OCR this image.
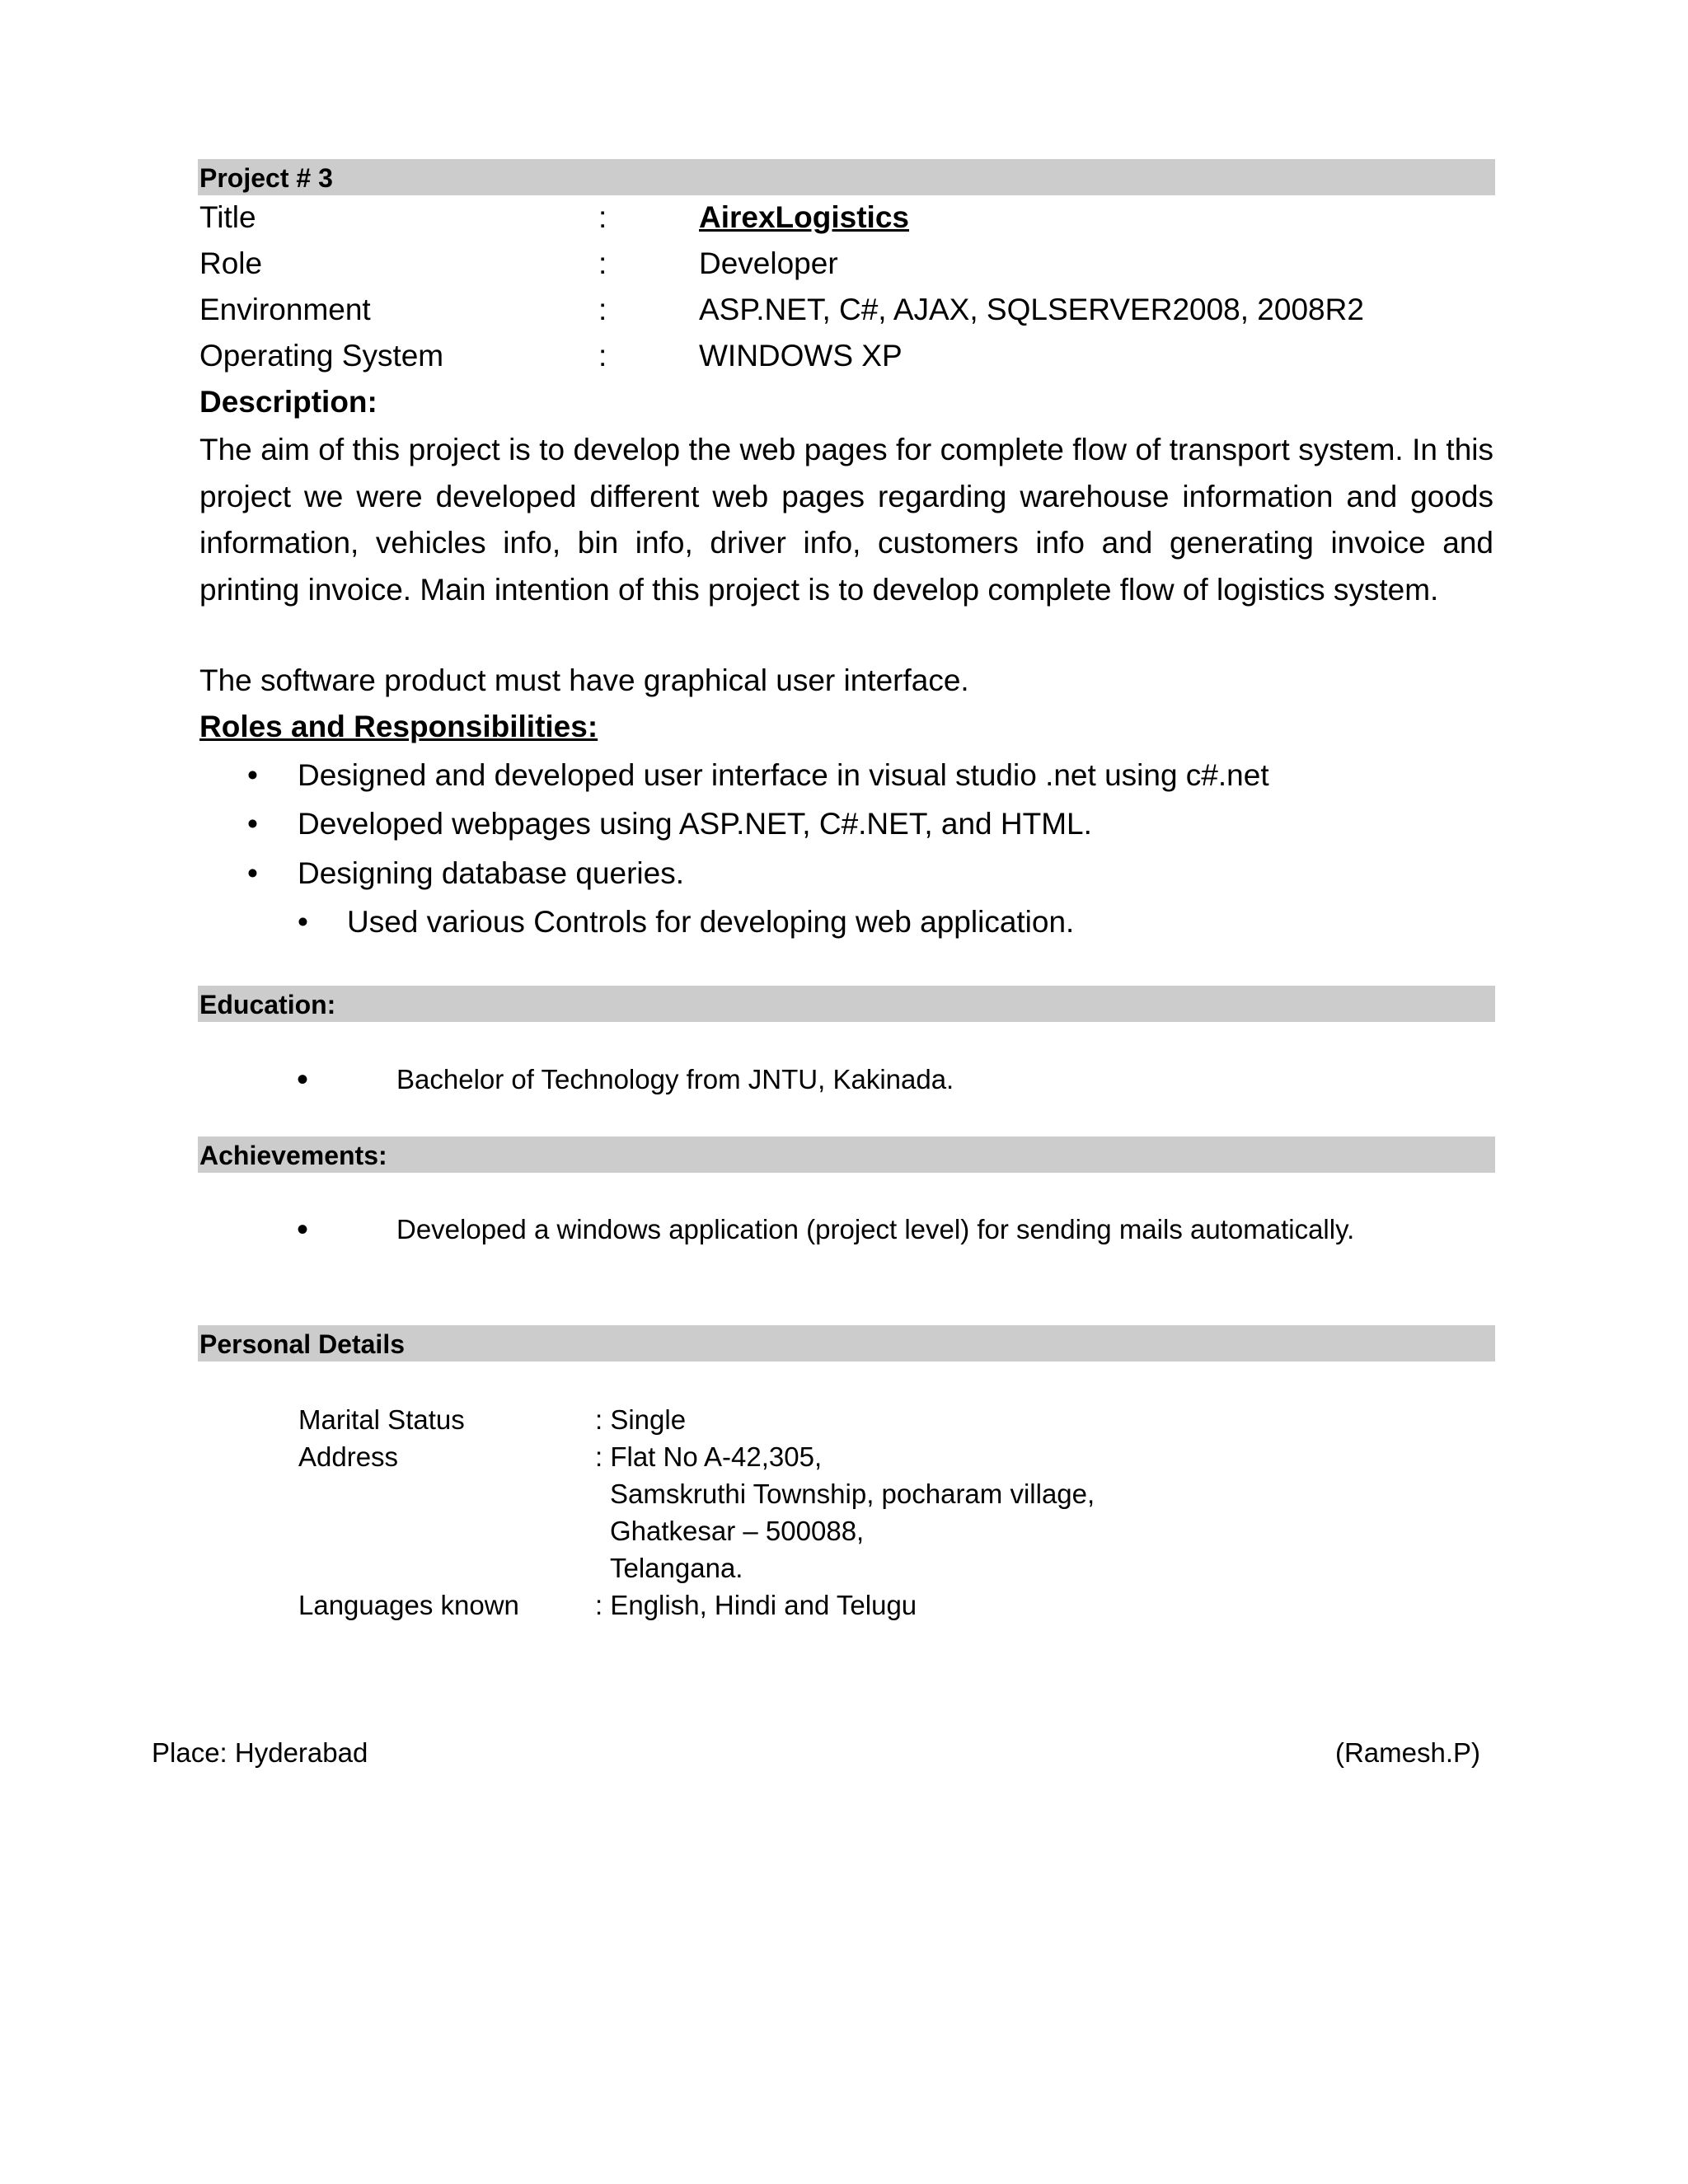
Project # 3
Title	:	AirexLogistics
Role	:	Developer
Environment	:	ASP.NET, C#, AJAX, SQLSERVER2008, 2008R2
Operating System	:	WINDOWS XP
Description:

The aim of this project is to develop the web pages for complete flow of transport system. In this project we were developed different web pages regarding warehouse information and goods information, vehicles info, bin info, driver info, customers info and generating invoice and printing invoice. Main intention of this project is to develop complete flow of logistics system.

The software product must have graphical user interface.
Roles and Responsibilities:
• Designed and developed user interface in visual studio .net using c#.net
• Developed webpages using ASP.NET, C#.NET, and HTML.
• Designing database queries.
• Used various Controls for developing web application.
Education:
•	Bachelor of Technology from JNTU, Kakinada.
Achievements:
•	Developed a windows application (project level) for sending mails automatically.
Personal Details
Marital Status	: Single
Address	: Flat No A-42,305,
Samskruthi Township, pocharam village,
Ghatkesar – 500088,
Telangana.
Languages known	: English, Hindi and Telugu
Place: Hyderabad	(Ramesh.P)
